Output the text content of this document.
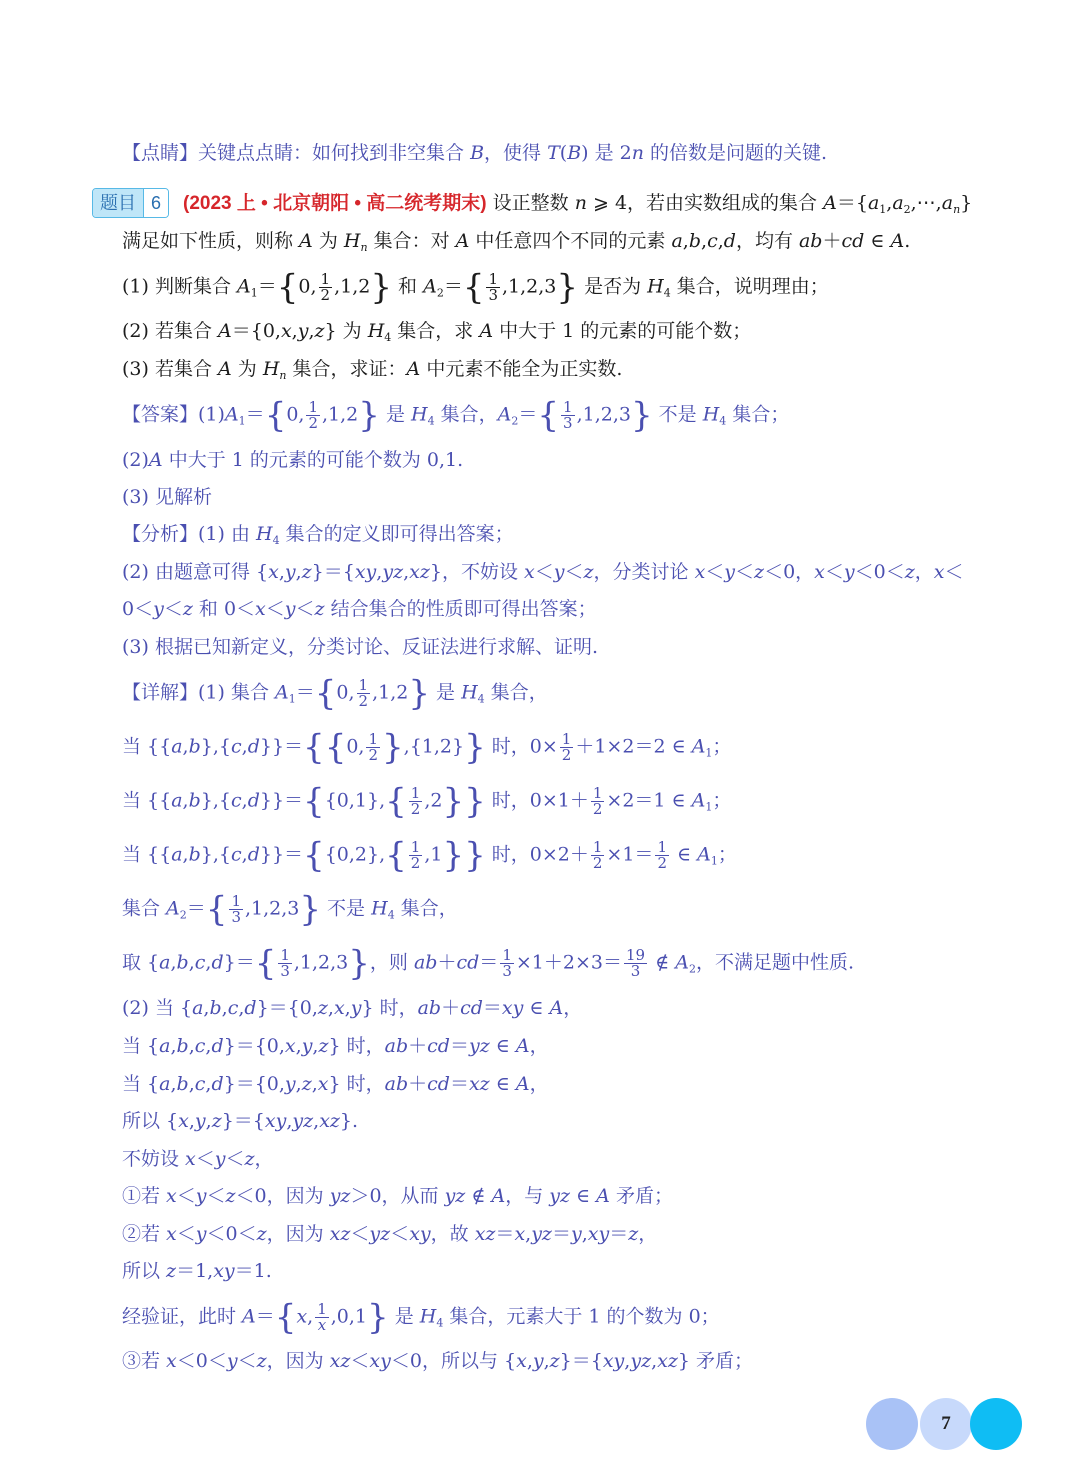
【点睛】关键点点睛：如何找到非空集合 B，使得 T(B) 是 2n 的倍数是问题的关键.
题目 6	(2023 上 • 北京朝阳 • 高二统考期末) 设正整数 n ⩾ 4，若由实数组成的集合 $A=\{a_1,a_2,\cdots,a_n\}$
满足如下性质，则称 A 为 $H_n$ 集合：对 A 中任意四个不同的元素 a,b,c,d，均有 ab＋cd ∈ A.
(1) 判断集合 $A_1=\{0$, $\frac{1}{2} ,1,2$} 和 $A_2=\{ \frac{1}{3} ,1,2,3\}$ 是否为 $H_4$ 集合，说明理由；
(2) 若集合 A＝{0,x,y,z} 为 $H_4$ 集合，求 A 中大于 1 的元素的可能个数；
(3) 若集合 A 为 $H_n$ 集合，求证：A 中元素不能全为正实数.
【答案】$(1)A_1=\{0$, $\frac{1}{2} ,1,2$} 是 $H_4$ 集合，$A_2=\{ \frac{1}{3} ,1,2,3\}$ 不是 $H_4$ 集合；
(2)A 中大于 1 的元素的可能个数为 0,1.
(3) 见解析
【分析】(1) 由 $H_4$ 集合的定义即可得出答案；
(2) 由题意可得 {x,y,z}＝{xy,yz,xz}，不妨设 x＜y＜z，分类讨论 x＜y＜z＜0，x＜y＜0＜z，x＜
0＜y＜z 和 0＜x＜y＜z 结合集合的性质即可得出答案；
(3) 根据已知新定义，分类讨论、反证法进行求解、证明.
【详解】(1) 集合 $A_1=\{0$, $\frac{1}{2} ,1,2$} 是 $H_4$ 集合，
当 {{a,b},{c,d}}＝{{0, $\frac{1}{2} \},\{1,2\}$} 时，$0\times \frac{1}{2} +1\times 2=2$ ∈ $A_1$；
当 $\{\{a,b\},\{c,d\}\}=\{\{0,1\},\{ \frac{1}{2} ,2\}\}$ 时，$0\times 1+ \frac{1}{2} \times 2=1$ ∈ $A_1$；
当 $\{\{a,b\},\{c,d\}\}=\{\{0,2\},\{ \frac{1}{2} ,1\}\}$ 时，$0\times 2+ \frac{1}{2} \times 1= \frac{1}{2}$ ∈ $A_1$；
集合 $A_2=\{ \frac{1}{3} ,1,2,3\}$ 不是 $H_4$ 集合，
取 $\{a,b,c,d\}=\{ \frac{1}{3} ,1,2,3\}$，则 $ab+cd= \frac{1}{3} \times 1+2\times 3= \frac{19}{3}$ ∉ $A_2$，不满足题中性质.
(2) 当 {a,b,c,d}＝{0,z,x,y} 时，ab＋cd＝xy ∈ A，
当 {a,b,c,d}＝{0,x,y,z} 时，ab＋cd＝yz ∈ A，
当 {a,b,c,d}＝{0,y,z,x} 时，ab＋cd＝xz ∈ A，
所以 {x,y,z}＝{xy,yz,xz}.
不妨设 x＜y＜z，
①若 x＜y＜z＜0，因为 yz＞0，从而 yz ∉ A，与 yz ∈ A 矛盾；
②若 x＜y＜0＜z，因为 xz＜yz＜xy，故 xz＝x,yz＝y,xy＝z，
所以 z＝1,xy＝1.
经验证，此时 A＝{x, $\frac{1}{x} ,0,1$} 是 $H_4$ 集合，元素大于 1 的个数为 0；
③若 x＜0＜y＜z，因为 xz＜xy＜0，所以与 {x,y,z}＝{xy,yz,xz} 矛盾；
7
